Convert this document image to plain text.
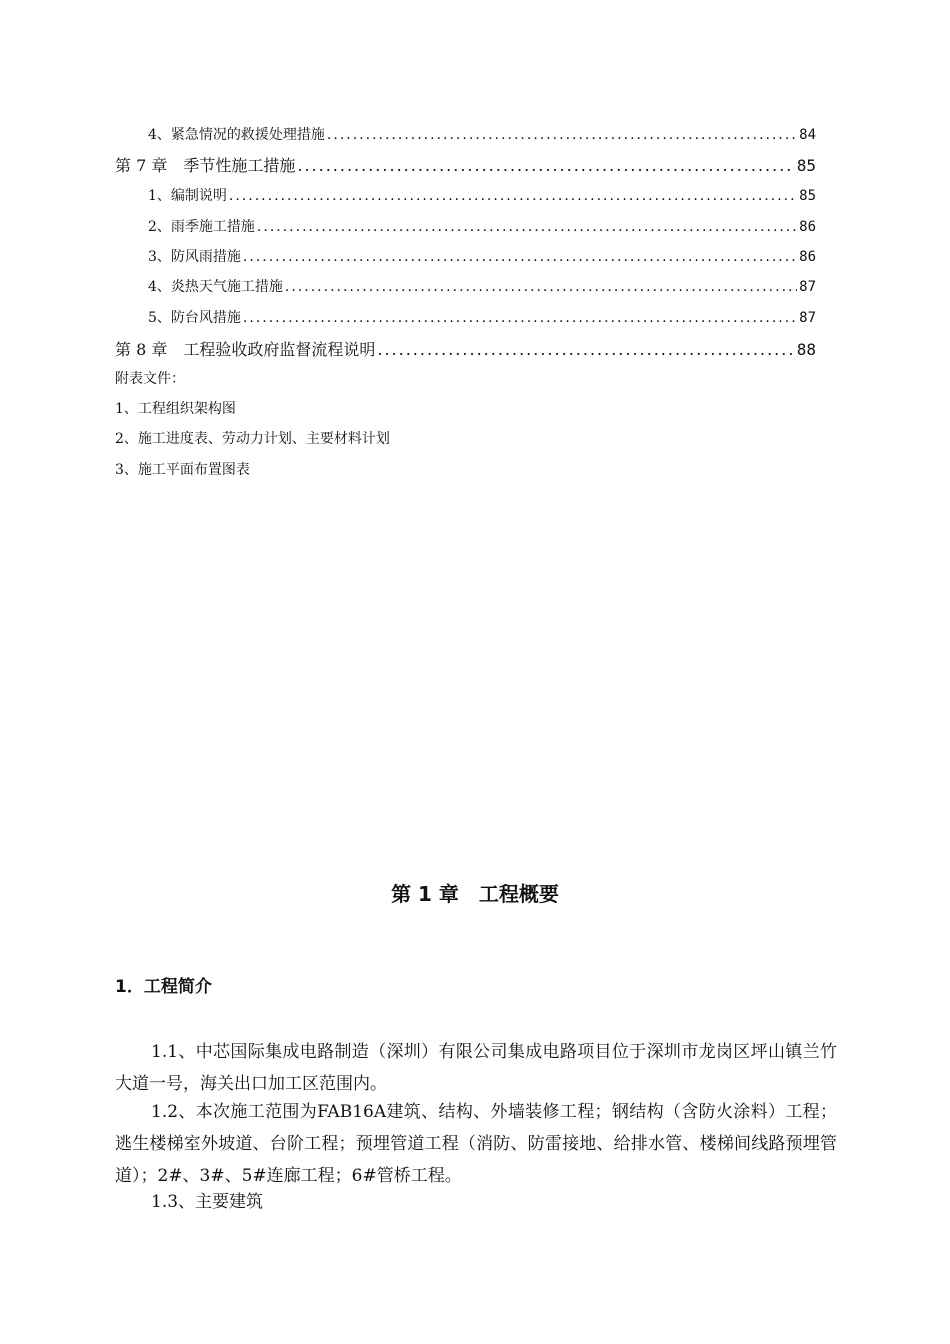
4、紧急情况的救援处理措施 .....	84
第 7 章　季节性施工措施 .....	85
1、编制说明 .....	85
2、雨季施工措施 .....	86
3、防风雨措施 .....	86
4、炎热天气施工措施 .....	87
5、防台风措施 .....	87
第 8 章　工程验收政府监督流程说明 .....	88
附表文件：
1、工程组织架构图
2、施工进度表、劳动力计划、主要材料计划
3、施工平面布置图表
第 1 章　工程概要
1．工程简介

1.1、中芯国际集成电路制造（深圳）有限公司集成电路项目位于深圳市龙岗区坪山镇兰竹大道一号，海关出口加工区范围内。

1.2、本次施工范围为FAB16A建筑、结构、外墙装修工程；钢结构（含防火涂料）工程；逃生楼梯室外坡道、台阶工程；预埋管道工程（消防、防雷接地、给排水管、楼梯间线路预埋管道）；2#、3#、5#连廊工程；6#管桥工程。

1.3、主要建筑
